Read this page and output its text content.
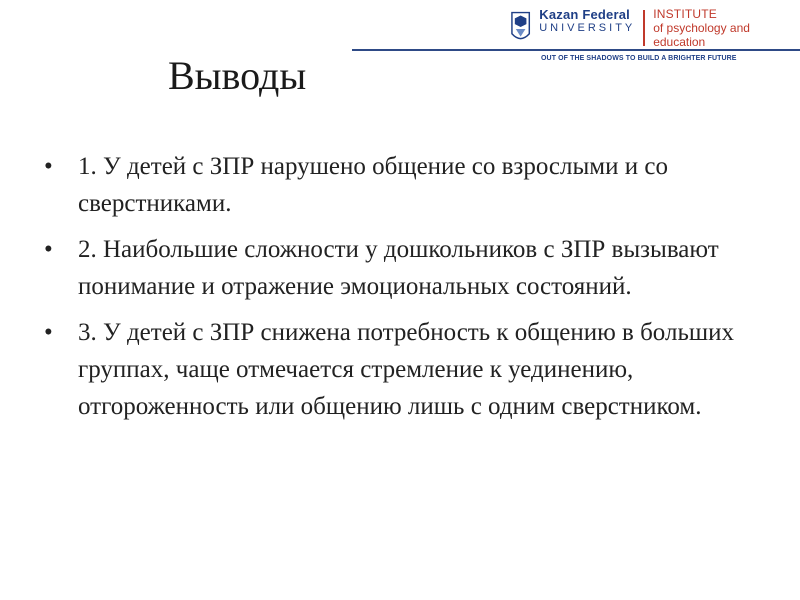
Kazan Federal
UNIVERSITY
INSTITUTE
of psychology and education
OUT OF THE SHADOWS TO BUILD A BRIGHTER FUTURE
Выводы
• 1. У детей с ЗПР нарушено общение со взрослыми и со сверстниками.
• 2. Наибольшие сложности у дошкольников с ЗПР вызывают понимание и отражение эмоциональных состояний.
• 3. У детей с ЗПР снижена потребность к общению в больших группах, чаще отмечается стремление к уединению, отгороженность или общению лишь с одним сверстником.
